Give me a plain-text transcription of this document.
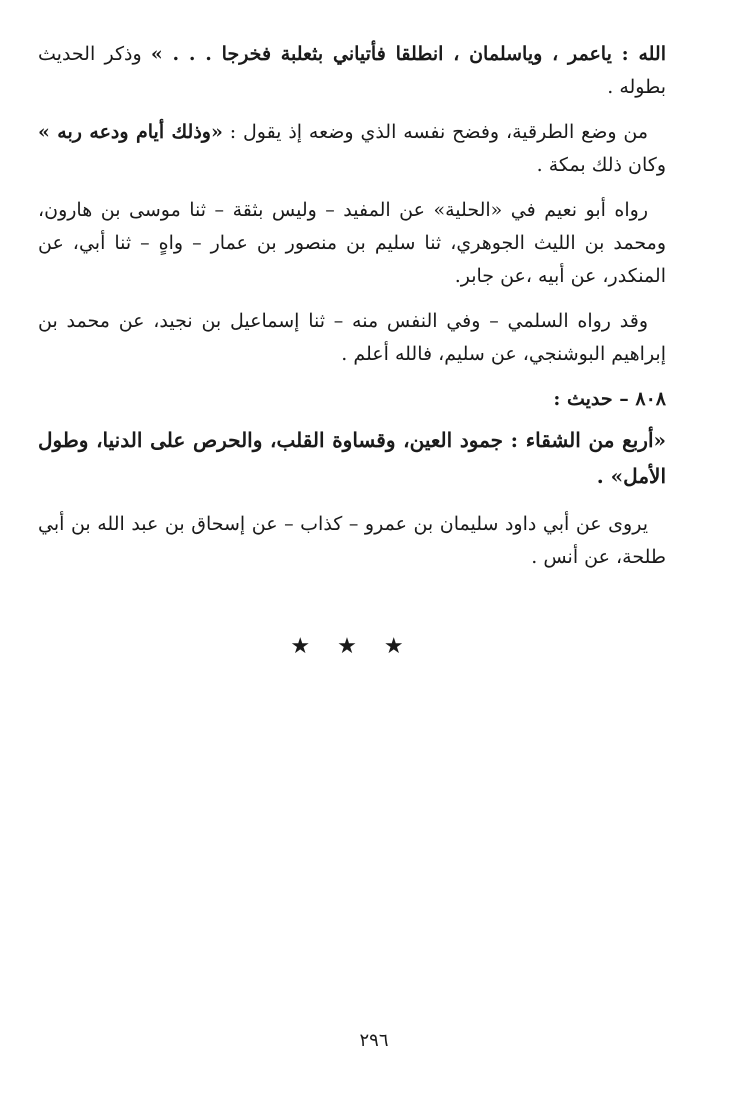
الله : ياعمر ، وياسلمان ، انطلقا فأتياني بثعلبة فخرجا . . . » وذكر الحديث بطوله .

من وضع الطرقية، وفضح نفسه الذي وضعه إذ يقول : «وذلك أيام ودعه ربه » وكان ذلك بمكة .

رواه أبو نعيم في «الحلية» عن المفيد – وليس بثقة – ثنا موسى بن هارون، ومحمد بن الليث الجوهري، ثنا سليم بن منصور بن عمار – واهٍ – ثنا أبي، عن المنكدر، عن أبيه ،عن جابر.

وقد رواه السلمي – وفي النفس منه – ثنا إسماعيل بن نجيد، عن محمد بن إبراهيم البوشنجي، عن سليم، فالله أعلم .

٨٠٨ – حديث :

«أربع من الشقاء : جمود العين، وقساوة القلب، والحرص على الدنيا، وطول الأمل» .

يروى عن أبي داود سليمان بن عمرو – كذاب – عن إسحاق بن عبد الله بن أبي طلحة، عن أنس .

★ ★ ★
٢٩٦
